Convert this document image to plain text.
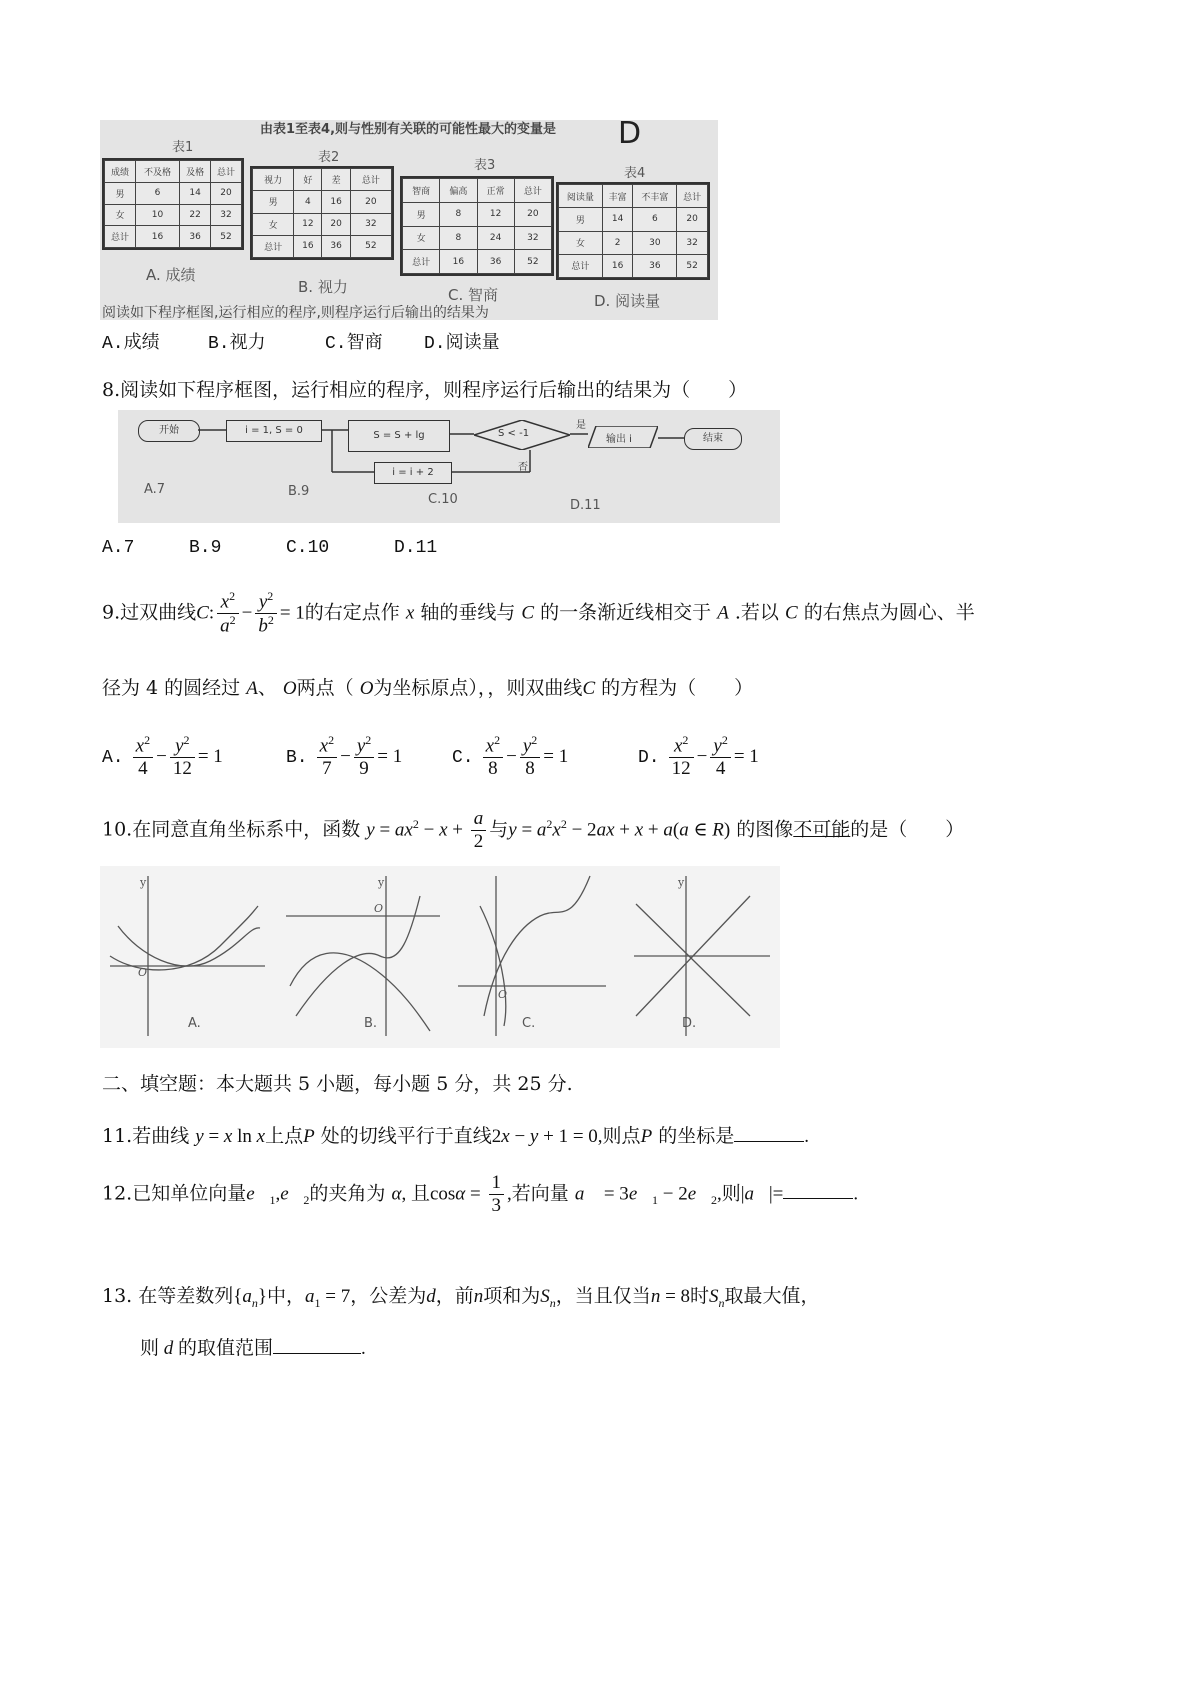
由表1至表4,则与性别有关联的可能性最大的变量是 D
表1
成绩	不及格	及格	总计
男	6	14	20
女	10	22	32
总计	16	36	52
A. 成绩
表2
视力	好	差	总计
男	4	16	20
女	12	20	32
总计	16	36	52
B. 视力
表3
智商	偏高	正常	总计
男	8	12	20
女	8	24	32
总计	16	36	52
C. 智商
表4
阅读量	丰富	不丰富	总计
男	14	6	20
女	2	30	32
总计	16	36	52
D. 阅读量
阅读如下程序框图,运行相应的程序,则程序运行后输出的结果为
A.成绩	B.视力	C.智商 D.阅读量
8.阅读如下程序框图，运行相应的程序，则程序运行后输出的结果为（　　）
开始	i = 1, S = 0	S = S + lg	S < -1
是
输出 i	结束
i = i + 2	否
A.7	B.9
C.10	D.11
A.7	B.9	C.10	D.11
9.过双曲线C: $\frac{x^2}{a^2} - \frac{y^2}{b^2} = 1$的右定点作 x 轴的垂线与 C 的一条渐近线相交于 A .若以 C 的右焦点为圆心、半
径为 4 的圆经过 A、 O两点（ O为坐标原点），，则双曲线C 的方程为（　　）
A. $\frac{x^2}{4} - \frac{y^2}{12} = 1$	B. $\frac{x^2}{7} - \frac{y^2}{9} = 1$	C. $\frac{x^2}{8} - \frac{y^2}{8} = 1$	D. $\frac{x^2}{12} - \frac{y^2}{4} = 1$
10.在同意直角坐标系中，函数 $y = ax^2 - x + \frac{a}{2}$ 与$y = a^2x^2 - 2ax + x + a(a$ ∈ R) 的图像不可能的是（　　）
y
O
y
O
O
y
A.	B.	C.	D.
二、填空题：本大题共 5 小题，每小题 5 分，共 25 分.
11.若曲线 y = x ln x上点P 处的切线平行于直线2x − y + 1 = 0,则点P 的坐标是	.
12.已知单位向量$e⃗_1,e⃗_2$的夹角为 α, 且$\cos\alpha = \frac{1}{3}$ ,若向量 a⃗ = $3e⃗_1$ − $2e⃗_2$,则|a⃗|=	.
13. 在等差数列$\{a_n\}$中，$a_1 = 7$，公差为d，前n项和为$S_n$，当且仅当n = 8时$S_n$取最大值，
则 d 的取值范围	.
